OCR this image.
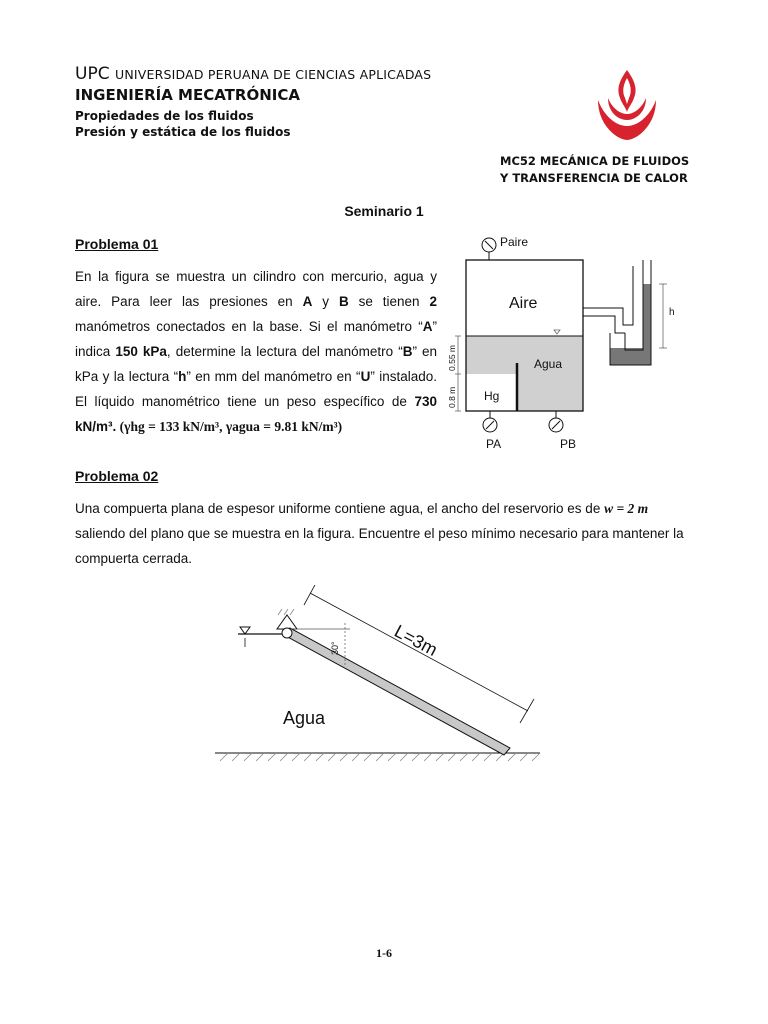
UPC UNIVERSIDAD PERUANA DE CIENCIAS APLICADAS
INGENIERÍA MECATRÓNICA
Propiedades de los fluidos
Presión y estática de los fluidos
MC52 MECÁNICA DE FLUIDOS
Y TRANSFERENCIA DE CALOR
Seminario 1
Problema 01
En la figura se muestra un cilindro con mercurio, agua y aire. Para leer las presiones en A y B se tienen 2 manómetros conectados en la base. Si el manómetro “A” indica 150 kPa, determine la lectura del manómetro “B” en kPa y la lectura “h” en mm del manómetro en “U” instalado. El líquido manométrico tiene un peso específico de 730 kN/m³. (γhg = 133 kN/m³, γagua = 9.81 kN/m³)
h
Paire
PA	PB
Aire
Agua
Hg
0.55 m
0.8 m
Problema 02
Una compuerta plana de espesor uniforme contiene agua, el ancho del reservorio es de w = 2 m
saliendo del plano que se muestra en la figura. Encuentre el peso mínimo necesario para mantener la compuerta cerrada.
30°	L=3m
Agua
1-6
